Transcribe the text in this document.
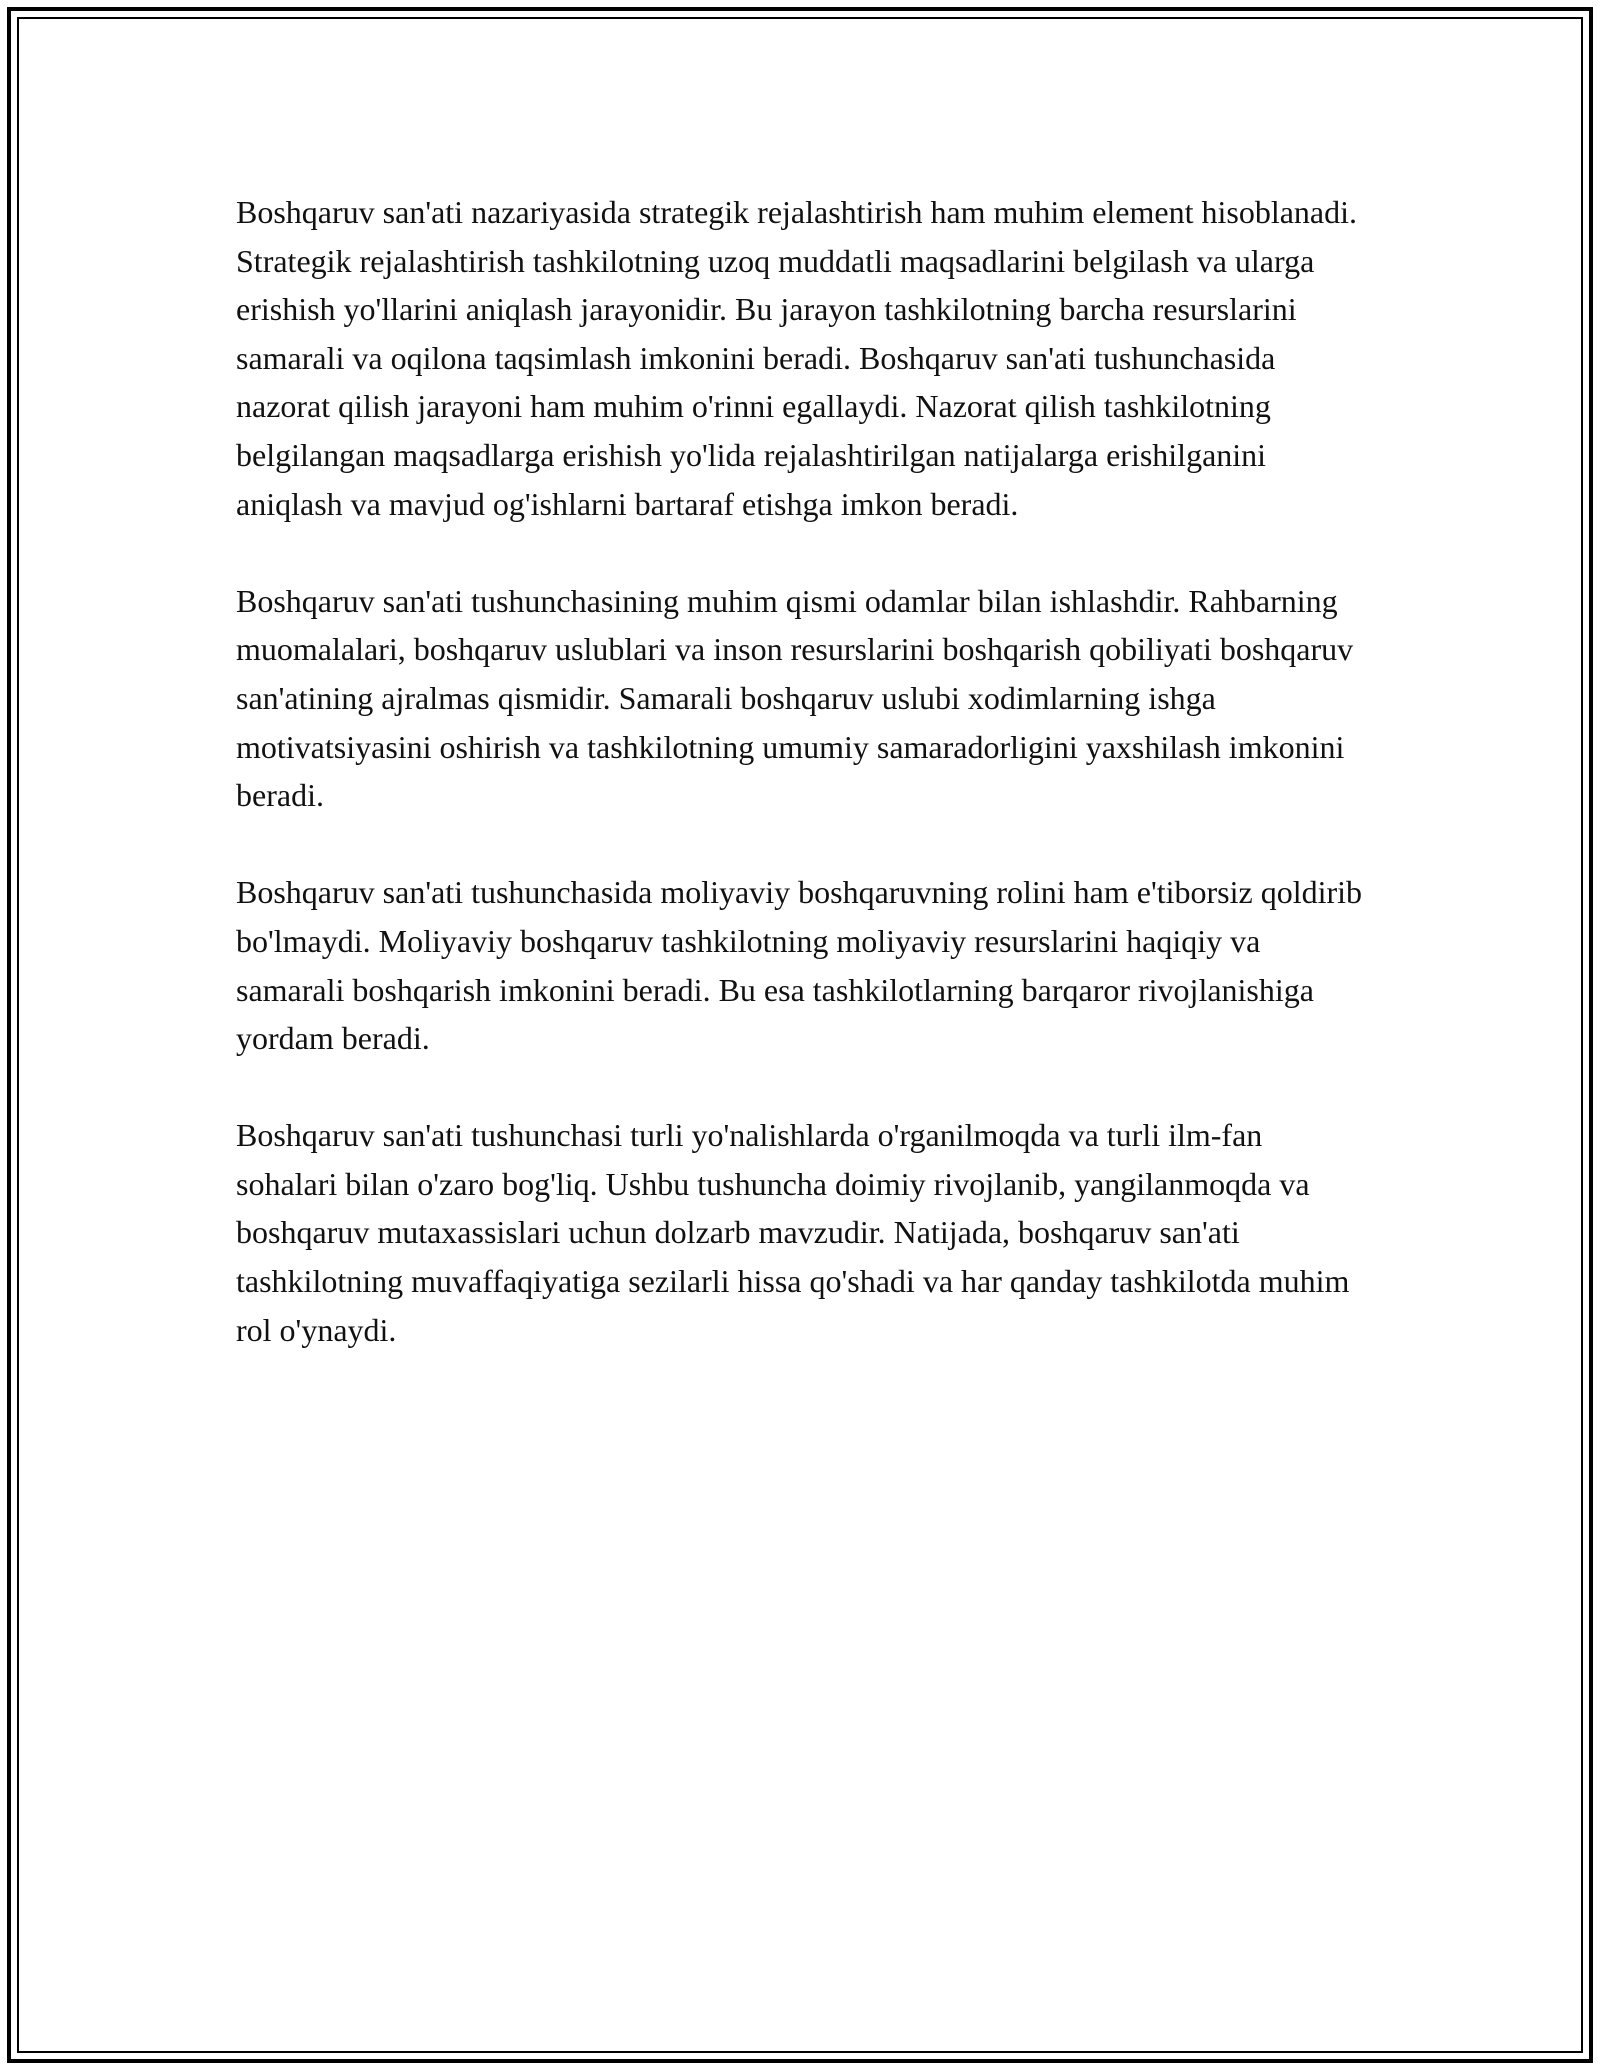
Boshqaruv san'ati nazariyasida strategik rejalashtirish ham muhim element hisoblanadi. Strategik rejalashtirish tashkilotning uzoq muddatli maqsadlarini belgilash va ularga erishish yo'llarini aniqlash jarayonidir. Bu jarayon tashkilotning barcha resurslarini samarali va oqilona taqsimlash imkonini beradi. Boshqaruv san'ati tushunchasida nazorat qilish jarayoni ham muhim o'rinni egallaydi. Nazorat qilish tashkilotning belgilangan maqsadlarga erishish yo'lida rejalashtirilgan natijalarga erishilganini aniqlash va mavjud og'ishlarni bartaraf etishga imkon beradi.

Boshqaruv san'ati tushunchasining muhim qismi odamlar bilan ishlashdir. Rahbarning muomalalari, boshqaruv uslublari va inson resurslarini boshqarish qobiliyati boshqaruv san'atining ajralmas qismidir. Samarali boshqaruv uslubi xodimlarning ishga motivatsiyasini oshirish va tashkilotning umumiy samaradorligini yaxshilash imkonini beradi.

Boshqaruv san'ati tushunchasida moliyaviy boshqaruvning rolini ham e'tiborsiz qoldirib bo'lmaydi. Moliyaviy boshqaruv tashkilotning moliyaviy resurslarini haqiqiy va samarali boshqarish imkonini beradi. Bu esa tashkilotlarning barqaror rivojlanishiga yordam beradi.

Boshqaruv san'ati tushunchasi turli yo'nalishlarda o'rganilmoqda va turli ilm-fan sohalari bilan o'zaro bog'liq. Ushbu tushuncha doimiy rivojlanib, yangilanmoqda va boshqaruv mutaxassislari uchun dolzarb mavzudir. Natijada, boshqaruv san'ati tashkilotning muvaffaqiyatiga sezilarli hissa qo'shadi va har qanday tashkilotda muhim rol o'ynaydi.
